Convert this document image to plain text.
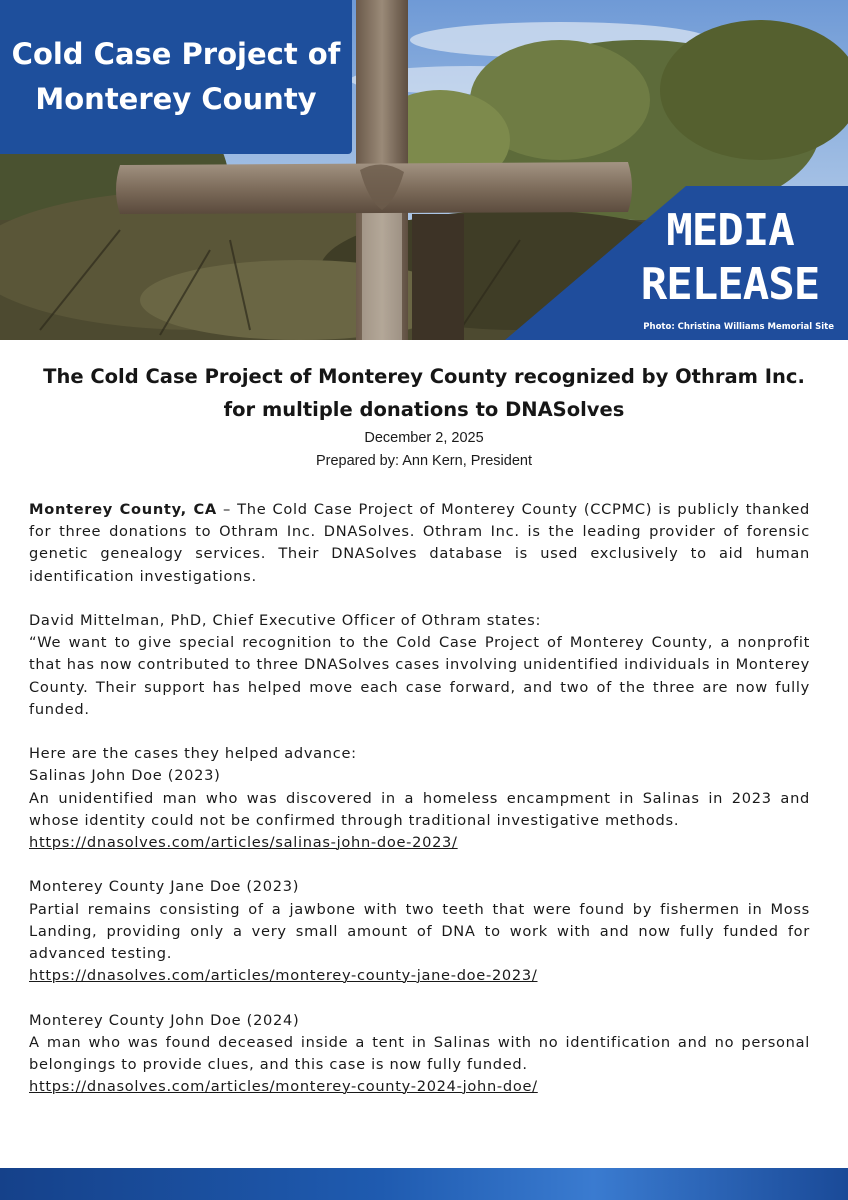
Cold Case Project of Monterey County
MEDIA
RELEASE
Photo: Christina Williams Memorial Site
The Cold Case Project of Monterey County recognized by Othram Inc. for multiple donations to DNASolves
December 2, 2025
Prepared by: Ann Kern, President

Monterey County, CA – The Cold Case Project of Monterey County (CCPMC) is publicly thanked for three donations to Othram Inc. DNASolves. Othram Inc. is the leading provider of forensic genetic genealogy services. Their DNASolves database is used exclusively to aid human identification investigations.

David Mittelman, PhD, Chief Executive Officer of Othram states:

“We want to give special recognition to the Cold Case Project of Monterey County, a nonprofit that has now contributed to three DNASolves cases involving unidentified individuals in Monterey County. Their support has helped move each case forward, and two of the three are now fully funded.

Here are the cases they helped advance:

Salinas John Doe (2023)

An unidentified man who was discovered in a homeless encampment in Salinas in 2023 and whose identity could not be confirmed through traditional investigative methods.

https://dnasolves.com/articles/salinas-john-doe-2023/

Monterey County Jane Doe (2023)

Partial remains consisting of a jawbone with two teeth that were found by fishermen in Moss Landing, providing only a very small amount of DNA to work with and now fully funded for advanced testing.

https://dnasolves.com/articles/monterey-county-jane-doe-2023/

Monterey County John Doe (2024)

A man who was found deceased inside a tent in Salinas with no identification and no personal belongings to provide clues, and this case is now fully funded.

https://dnasolves.com/articles/monterey-county-2024-john-doe/
